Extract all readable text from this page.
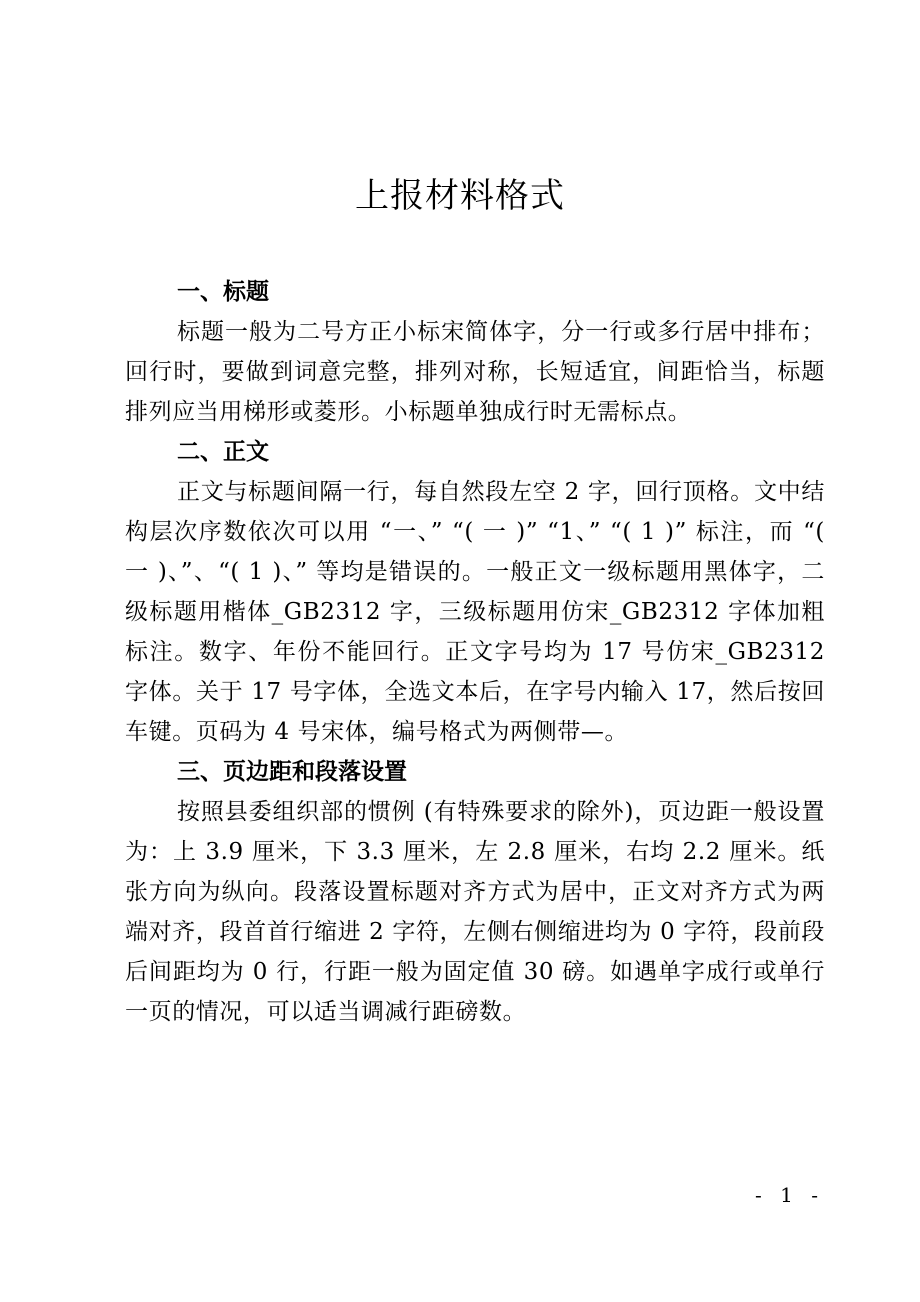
上报材料格式
一、标题

标题一般为二号方正小标宋简体字，分一行或多行居中排布；回行时，要做到词意完整，排列对称，长短适宜，间距恰当，标题排列应当用梯形或菱形。小标题单独成行时无需标点。

二、正文

正文与标题间隔一行，每自然段左空 2 字，回行顶格。文中结构层次序数依次可以用 “一、” “( 一 )” “1、” “( 1 )” 标注，而 “( 一 )、”、“( 1 )、” 等均是错误的。一般正文一级标题用黑体字，二级标题用楷体_GB2312 字，三级标题用仿宋_GB2312 字体加粗标注。数字、年份不能回行。正文字号均为 17 号仿宋_GB2312 字体。关于 17 号字体，全选文本后，在字号内输入 17，然后按回车键。页码为 4 号宋体，编号格式为两侧带—。

三、页边距和段落设置

按照县委组织部的惯例 (有特殊要求的除外)，页边距一般设置为：上 3.9 厘米，下 3.3 厘米，左 2.8 厘米，右均 2.2 厘米。纸张方向为纵向。段落设置标题对齐方式为居中，正文对齐方式为两端对齐，段首首行缩进 2 字符，左侧右侧缩进均为 0 字符，段前段后间距均为 0 行，行距一般为固定值 30 磅。如遇单字成行或单行一页的情况，可以适当调减行距磅数。

- 1 -
